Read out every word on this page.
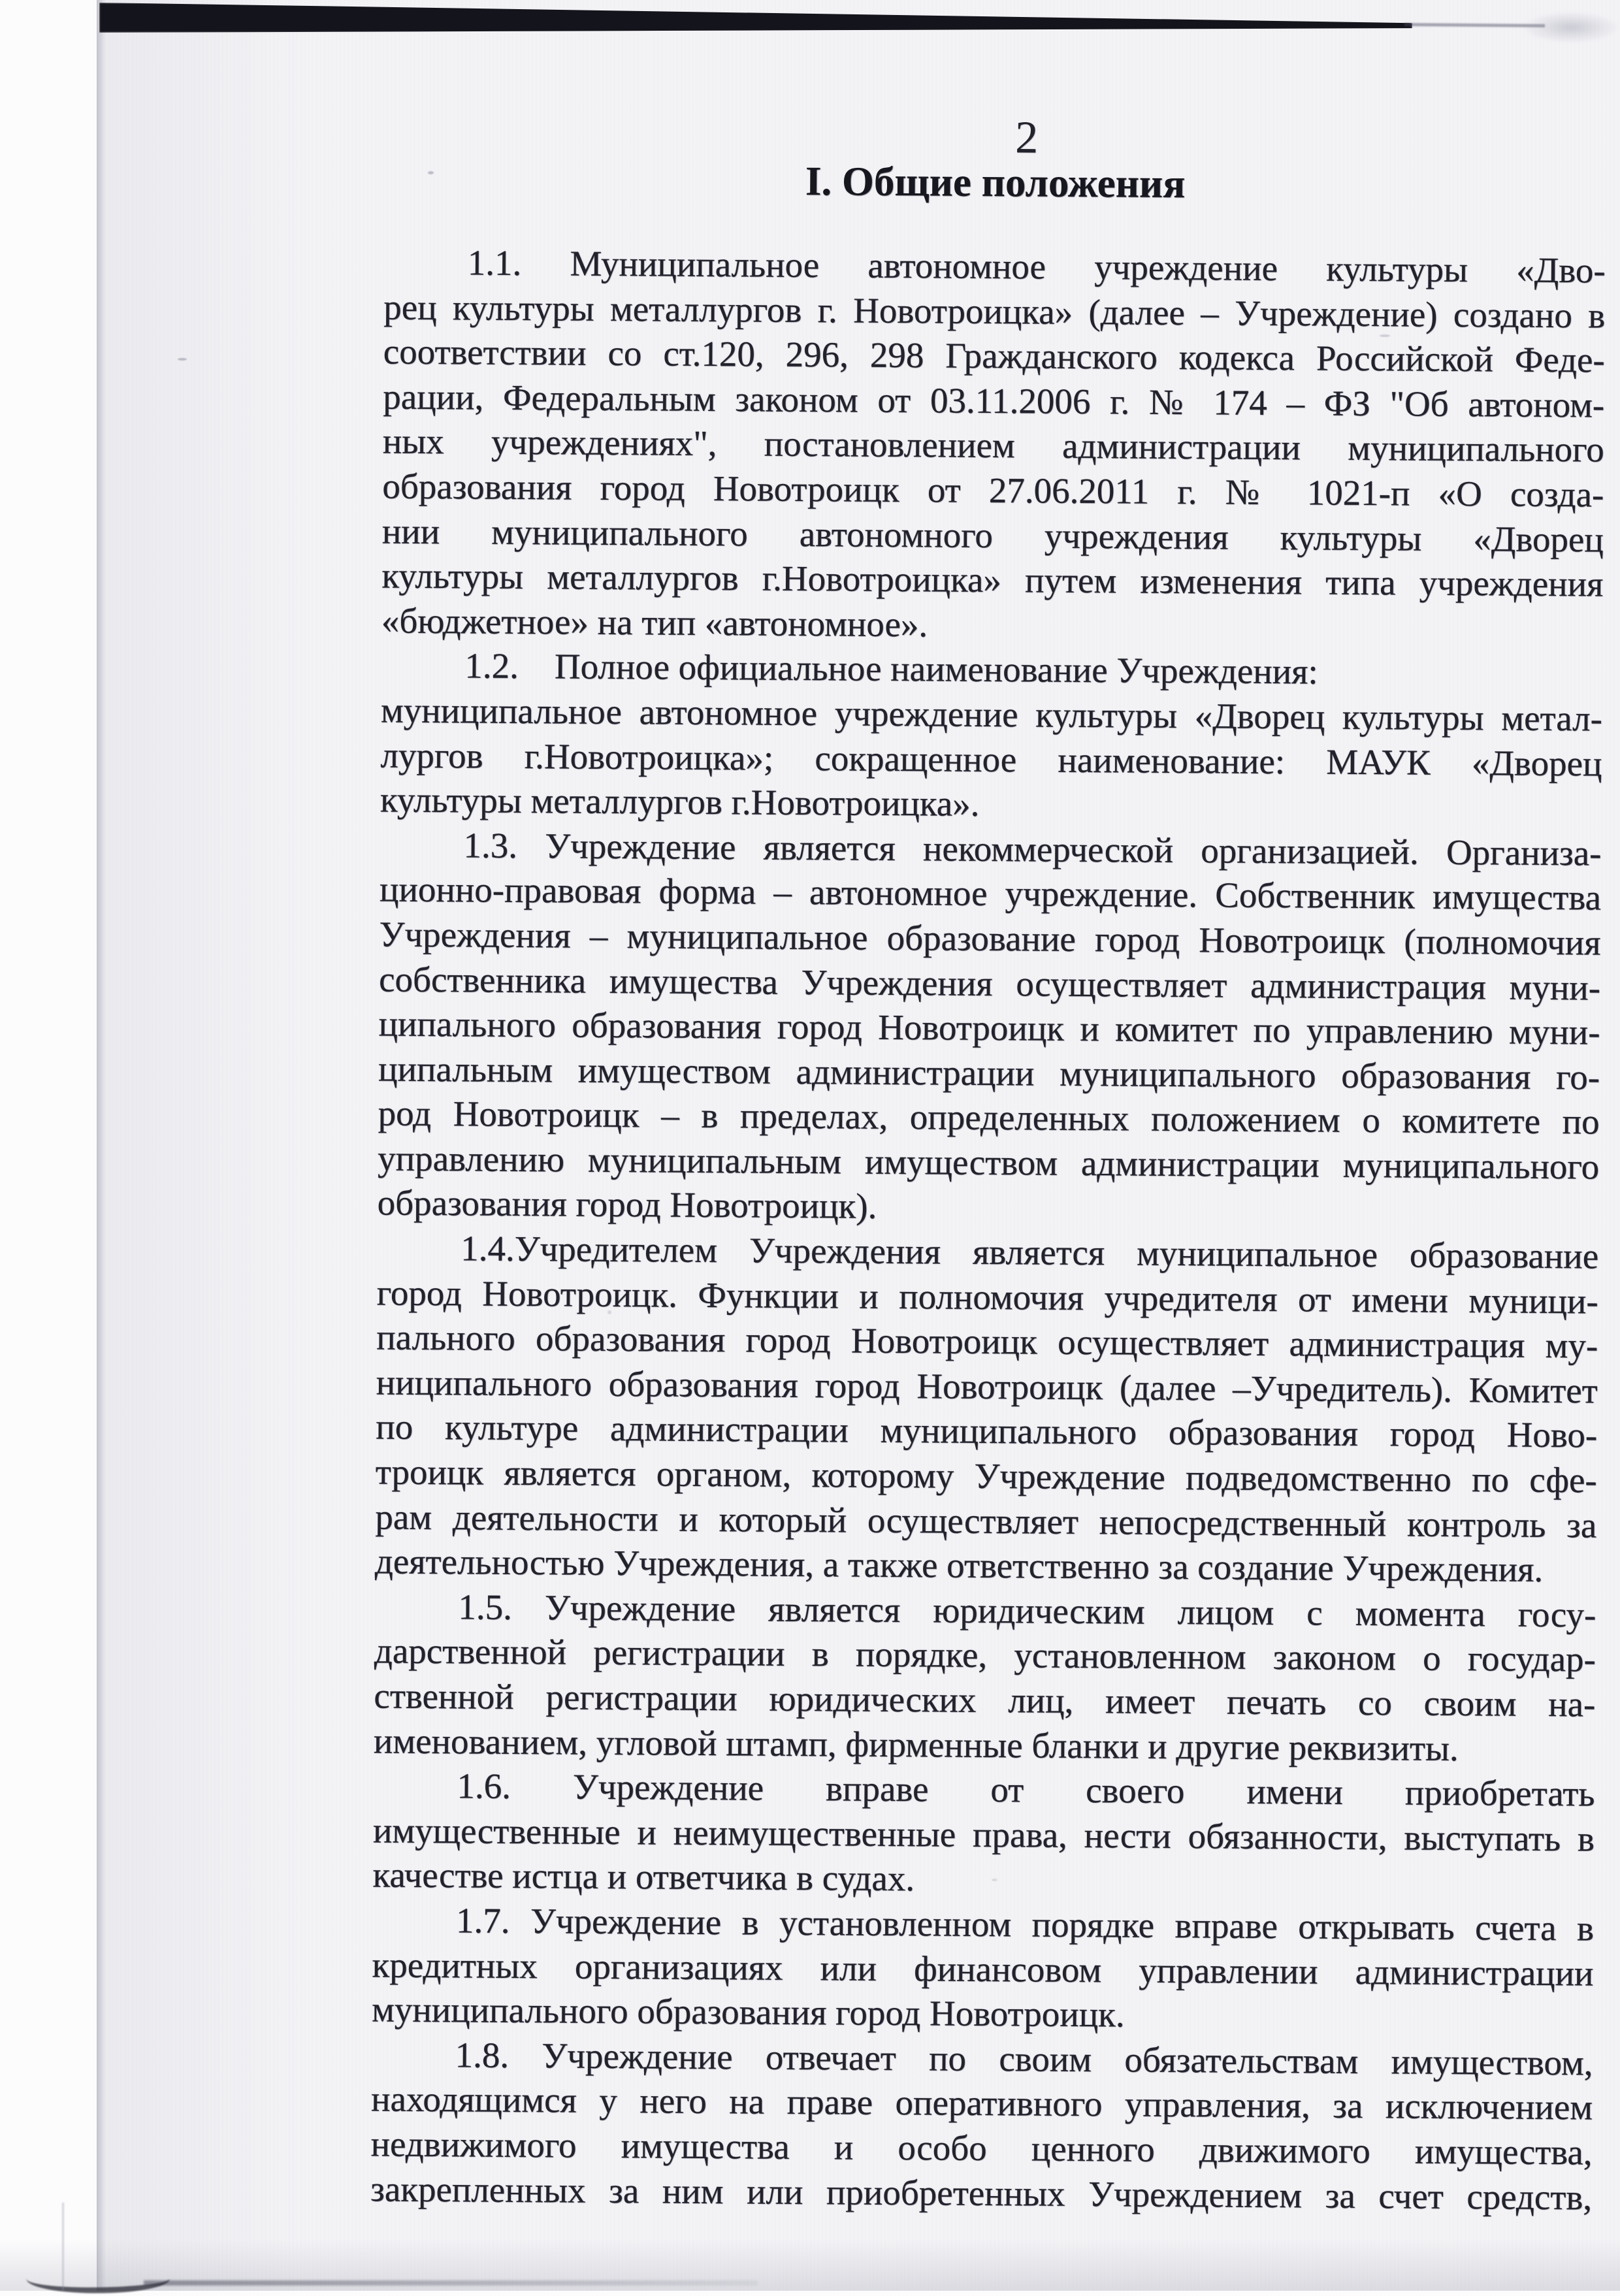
2
I. Общие положения
1.1. Муниципальное автономное учреждение культуры «Дво-
рец культуры металлургов г. Новотроицка» (далее – Учреждение) создано в
соответствии со ст.120, 296, 298 Гражданского кодекса Российской Феде-
рации, Федеральным законом от 03.11.2006 г. № 174 – ФЗ "Об автоном-
ных учреждениях", постановлением администрации муниципального
образования город Новотроицк от 27.06.2011 г. № 1021-п «О созда-
нии муниципального автономного учреждения культуры «Дворец
культуры металлургов г.Новотроицка» путем изменения типа учреждения
«бюджетное» на тип «автономное».
1.2. Полное официальное наименование Учреждения:
муниципальное автономное учреждение культуры «Дворец культуры метал-
лургов г.Новотроицка»; сокращенное наименование: МАУК «Дворец
культуры металлургов г.Новотроицка».
1.3. Учреждение является некоммерческой организацией. Организа-
ционно-правовая форма – автономное учреждение. Собственник имущества
Учреждения – муниципальное образование город Новотроицк (полномочия
собственника имущества Учреждения осуществляет администрация муни-
ципального образования город Новотроицк и комитет по управлению муни-
ципальным имуществом администрации муниципального образования го-
род Новотроицк – в пределах, определенных положением о комитете по
управлению муниципальным имуществом администрации муниципального
образования город Новотроицк).
1.4.Учредителем Учреждения является муниципальное образование
город Новотроицк. Функции и полномочия учредителя от имени муници-
пального образования город Новотроицк осуществляет администрация му-
ниципального образования город Новотроицк (далее –Учредитель). Комитет
по культуре администрации муниципального образования город Ново-
троицк является органом, которому Учреждение подведомственно по сфе-
рам деятельности и который осуществляет непосредственный контроль за
деятельностью Учреждения, а также ответственно за создание Учреждения.
1.5. Учреждение является юридическим лицом с момента госу-
дарственной регистрации в порядке, установленном законом о государ-
ственной регистрации юридических лиц, имеет печать со своим на-
именованием, угловой штамп, фирменные бланки и другие реквизиты.
1.6. Учреждение вправе от своего имени приобретать
имущественные и неимущественные права, нести обязанности, выступать в
качестве истца и ответчика в судах.
1.7. Учреждение в установленном порядке вправе открывать счета в
кредитных организациях или финансовом управлении администрации
муниципального образования город Новотроицк.
1.8. Учреждение отвечает по своим обязательствам имуществом,
находящимся у него на праве оперативного управления, за исключением
недвижимого имущества и особо ценного движимого имущества,
закрепленных за ним или приобретенных Учреждением за счет средств,
